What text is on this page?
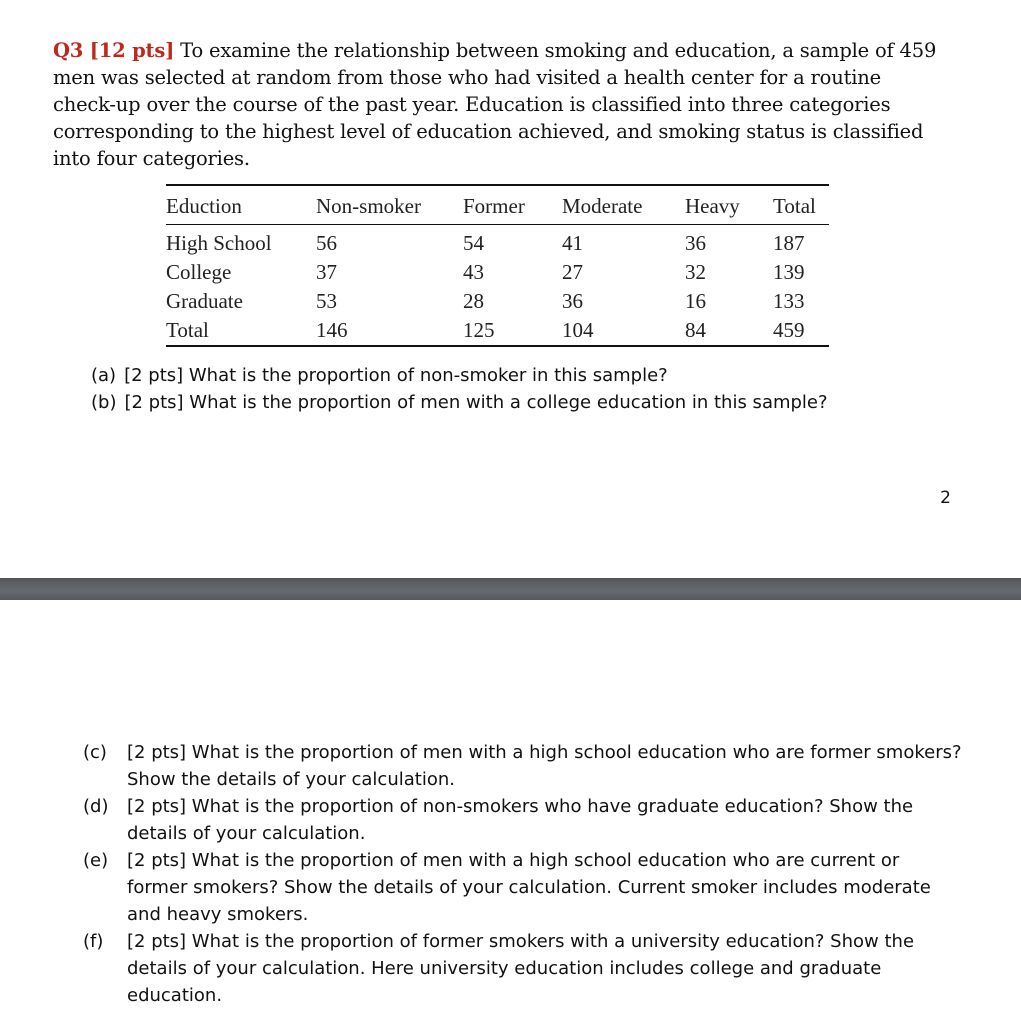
Q3 [12 pts] To examine the relationship between smoking and education, a sample of 459 men was selected at random from those who had visited a health center for a routine check-up over the course of the past year. Education is classified into three categories corresponding to the highest level of education achieved, and smoking status is classified into four categories.

Eduction	Non-smoker	Former	Moderate	Heavy	Total
High School	56	54	41	36	187
College	37	43	27	32	139
Graduate	53	28	36	16	133
Total	146	125	104	84	459
(a) [2 pts] What is the proportion of non-smoker in this sample?
(b) [2 pts] What is the proportion of men with a college education in this sample?
2
(c)	[2 pts] What is the proportion of men with a high school education who are former smokers? Show the details of your calculation.
(d)	[2 pts] What is the proportion of non-smokers who have graduate education? Show the details of your calculation.
(e)	[2 pts] What is the proportion of men with a high school education who are current or former smokers? Show the details of your calculation. Current smoker includes moderate and heavy smokers.
(f)	[2 pts] What is the proportion of former smokers with a university education? Show the details of your calculation. Here university education includes college and graduate education.
